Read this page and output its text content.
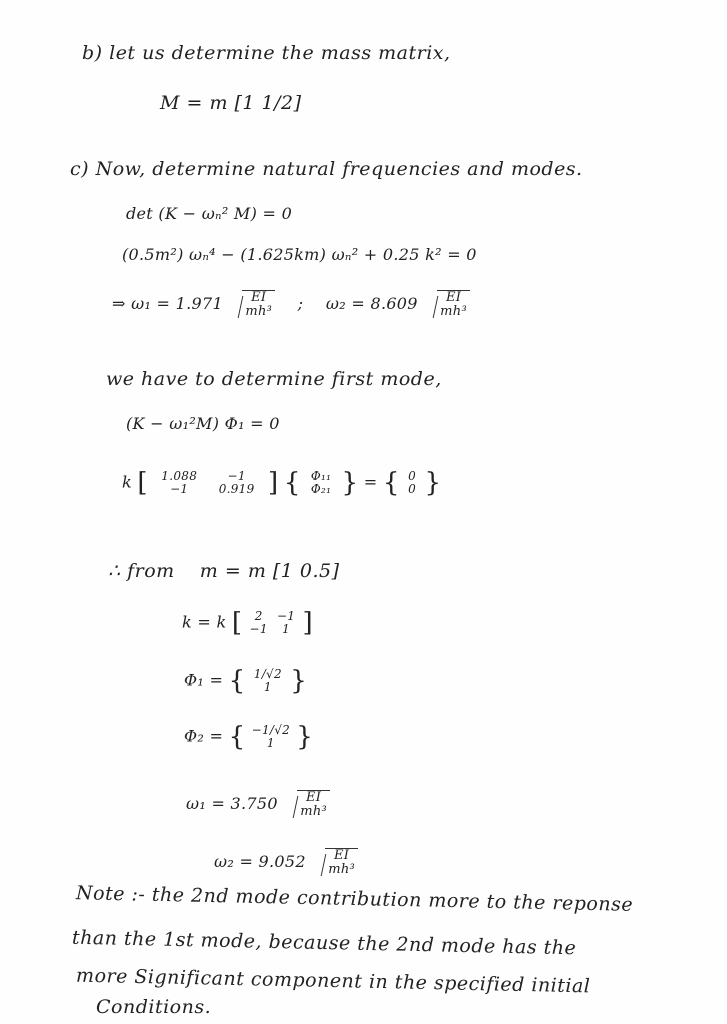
b) let us determine the mass matrix,
M = m [1 1/2]
c) Now, determine natural frequencies and modes.
det (K − ωₙ² M) = 0
(0.5m²) ωₙ⁴ − (1.625km) ωₙ² + 0.25 k² = 0
⇒ ω₁ = 1.971 EI
mh³ ; ω₂ = 8.609 EI
mh³
we have to determine first mode,
(K − ω₁²M) Φ₁ = 0
k [ 1.088
−1 −1
0.919 ] { Φ₁₁
Φ₂₁ } = { 0
0 }
∴ from m = m [1 0.5]
k = k [ 2
−1 −1
1 ]
Φ₁ = { 1/√2
1 }
Φ₂ = { −1/√2
1 }
ω₁ = 3.750 EI
mh³
ω₂ = 9.052 EI
mh³
Note :- the 2nd mode contribution more to the reponse
than the 1st mode, because the 2nd mode has the
more Significant component in the specified initial
Conditions.
